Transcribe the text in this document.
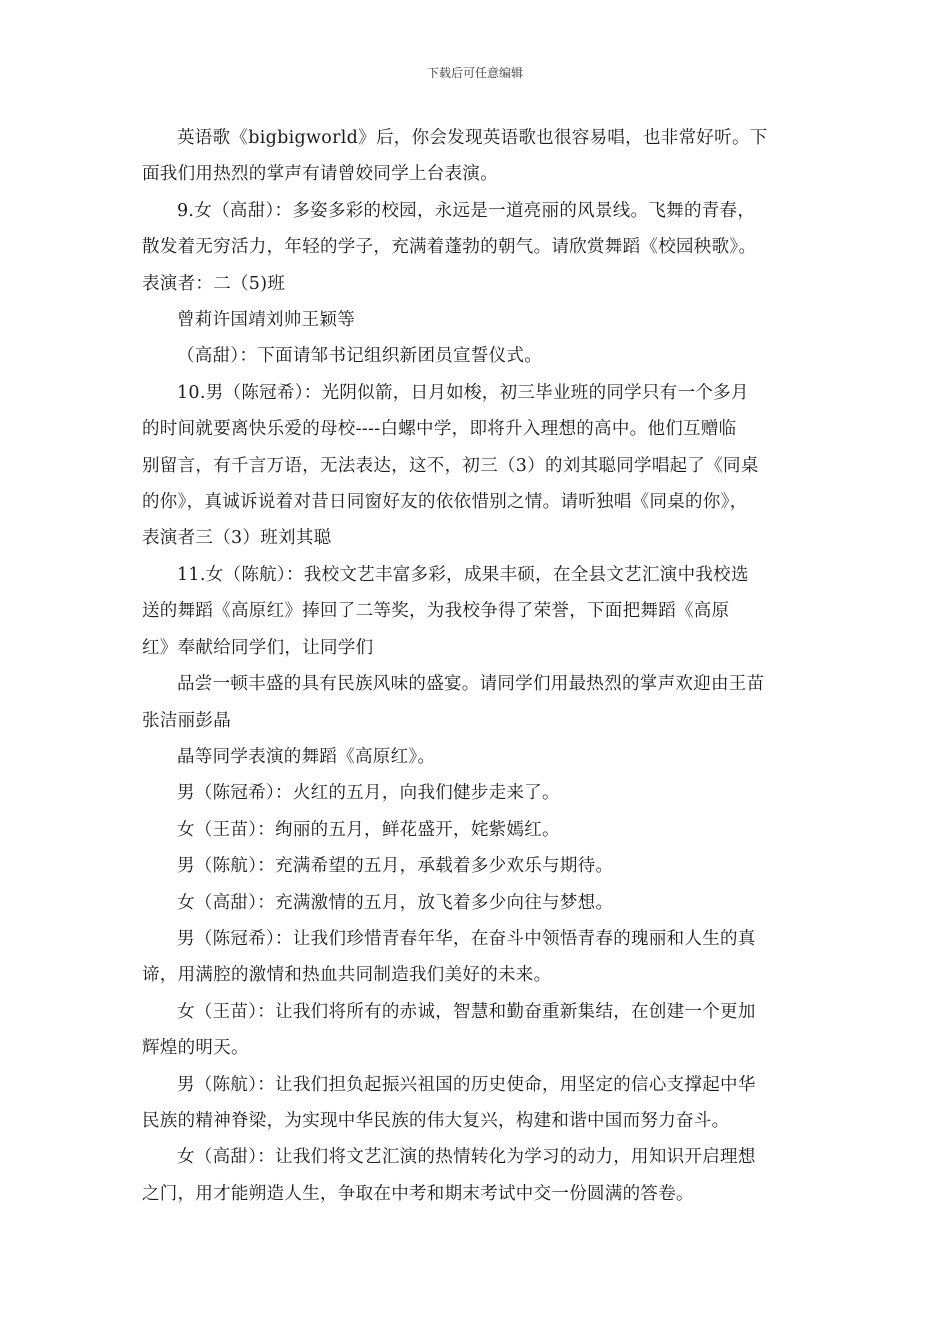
下载后可任意编辑

英语歌《bigbigworld》后，你会发现英语歌也很容易唱，也非常好听。下

面我们用热烈的掌声有请曾姣同学上台表演。

9.女（高甜）：多姿多彩的校园，永远是一道亮丽的风景线。飞舞的青春，

散发着无穷活力，年轻的学子，充满着蓬勃的朝气。请欣赏舞蹈《校园秧歌》。

表演者：二（5)班

曾莉许国靖刘帅王颖等

（高甜）：下面请邹书记组织新团员宣誓仪式。

10.男（陈冠希）：光阴似箭，日月如梭，初三毕业班的同学只有一个多月

的时间就要离快乐爱的母校----白螺中学，即将升入理想的高中。他们互赠临

别留言，有千言万语，无法表达，这不，初三（3）的刘其聪同学唱起了《同桌

的你》，真诚诉说着对昔日同窗好友的依依惜别之情。请听独唱《同桌的你》，

表演者三（3）班刘其聪

11.女（陈航）：我校文艺丰富多彩，成果丰硕，在全县文艺汇演中我校选

送的舞蹈《高原红》捧回了二等奖，为我校争得了荣誉，下面把舞蹈《高原

红》奉献给同学们，让同学们

品尝一顿丰盛的具有民族风味的盛宴。请同学们用最热烈的掌声欢迎由王苗

张洁丽彭晶

晶等同学表演的舞蹈《高原红》。

男（陈冠希）：火红的五月，向我们健步走来了。

女（王苗）：绚丽的五月，鲜花盛开，姹紫嫣红。

男（陈航）：充满希望的五月，承载着多少欢乐与期待。

女（高甜）：充满激情的五月，放飞着多少向往与梦想。

男（陈冠希）：让我们珍惜青春年华，在奋斗中领悟青春的瑰丽和人生的真

谛，用满腔的激情和热血共同制造我们美好的未来。

女（王苗）：让我们将所有的赤诚，智慧和勤奋重新集结，在创建一个更加

辉煌的明天。

男（陈航）：让我们担负起振兴祖国的历史使命，用坚定的信心支撑起中华

民族的精神脊梁，为实现中华民族的伟大复兴，构建和谐中国而努力奋斗。

女（高甜）：让我们将文艺汇演的热情转化为学习的动力，用知识开启理想

之门，用才能朔造人生，争取在中考和期末考试中交一份圆满的答卷。
